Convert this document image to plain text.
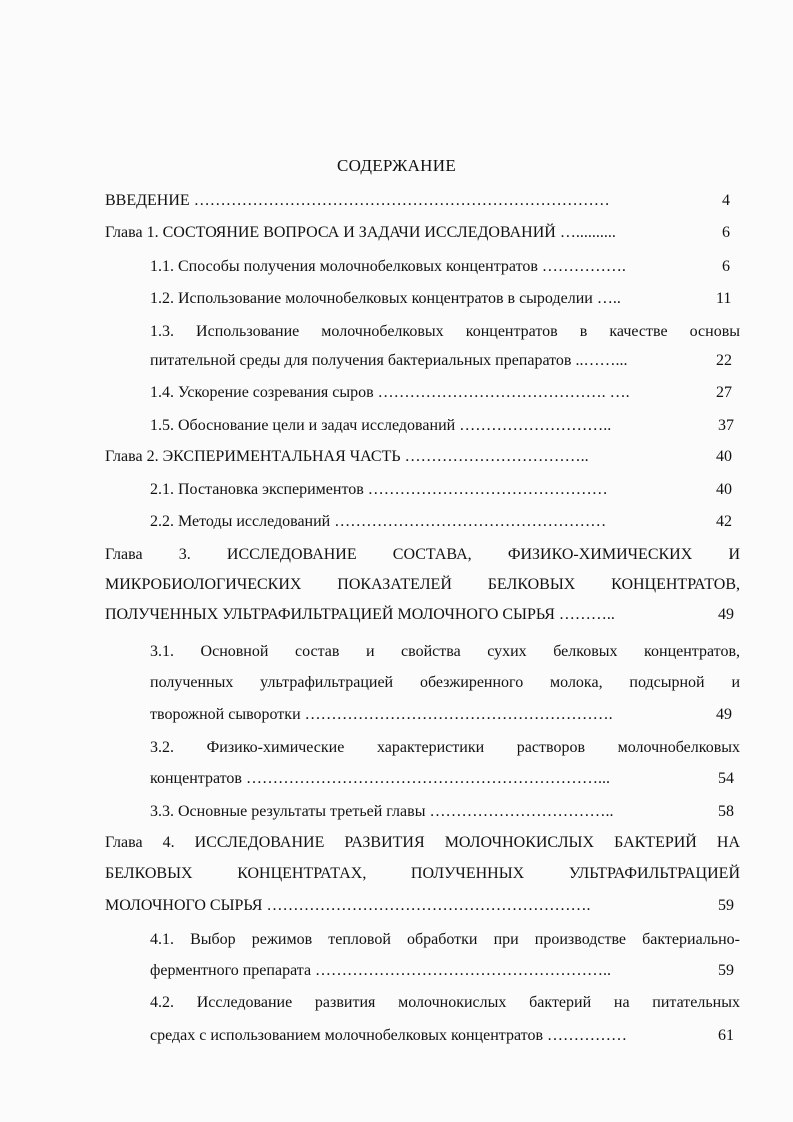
СОДЕРЖАНИЕ
ВВЕДЕНИЕ ……………………………………………………………………	4
Глава 1. СОСТОЯНИЕ ВОПРОСА И ЗАДАЧИ ИССЛЕДОВАНИЙ …..........	6
1.1. Способы получения молочнобелковых концентратов …………….	6
1.2. Использование молочнобелковых концентратов в сыроделии …..	11
1.3. Использование молочнобелковых концентратов в качестве основы
питательной среды для получения бактериальных препаратов ..……...	22
1.4. Ускорение созревания сыров ……………………………………. ….	27
1.5. Обоснование цели и задач исследований ………………………..	37
Глава 2. ЭКСПЕРИМЕНТАЛЬНАЯ ЧАСТЬ ……………………………..	40
2.1. Постановка экспериментов ………………………………………	40
2.2. Методы исследований ……………………………………………	42
Глава 3. ИССЛЕДОВАНИЕ СОСТАВА, ФИЗИКО-ХИМИЧЕСКИХ И
МИКРОБИОЛОГИЧЕСКИХ ПОКАЗАТЕЛЕЙ БЕЛКОВЫХ КОНЦЕНТРАТОВ,
ПОЛУЧЕННЫХ УЛЬТРАФИЛЬТРАЦИЕЙ МОЛОЧНОГО СЫРЬЯ ………..	49
3.1. Основной состав и свойства сухих белковых концентратов,
полученных ультрафильтрацией обезжиренного молока, подсырной и
творожной сыворотки ………………………………………………….	49
3.2. Физико-химические характеристики растворов молочнобелковых
концентратов …………………………………………………………...	54
3.3. Основные результаты третьей главы ……………………………..	58
Глава 4. ИССЛЕДОВАНИЕ РАЗВИТИЯ МОЛОЧНОКИСЛЫХ БАКТЕРИЙ НА
БЕЛКОВЫХ КОНЦЕНТРАТАХ, ПОЛУЧЕННЫХ УЛЬТРАФИЛЬТРАЦИЕЙ
МОЛОЧНОГО СЫРЬЯ …………………………………………………….	59
4.1. Выбор режимов тепловой обработки при производстве бактериально-
ферментного препарата ………………………………………………..	59
4.2. Исследование развития молочнокислых бактерий на питательных
средах с использованием молочнобелковых концентратов ……………	61
